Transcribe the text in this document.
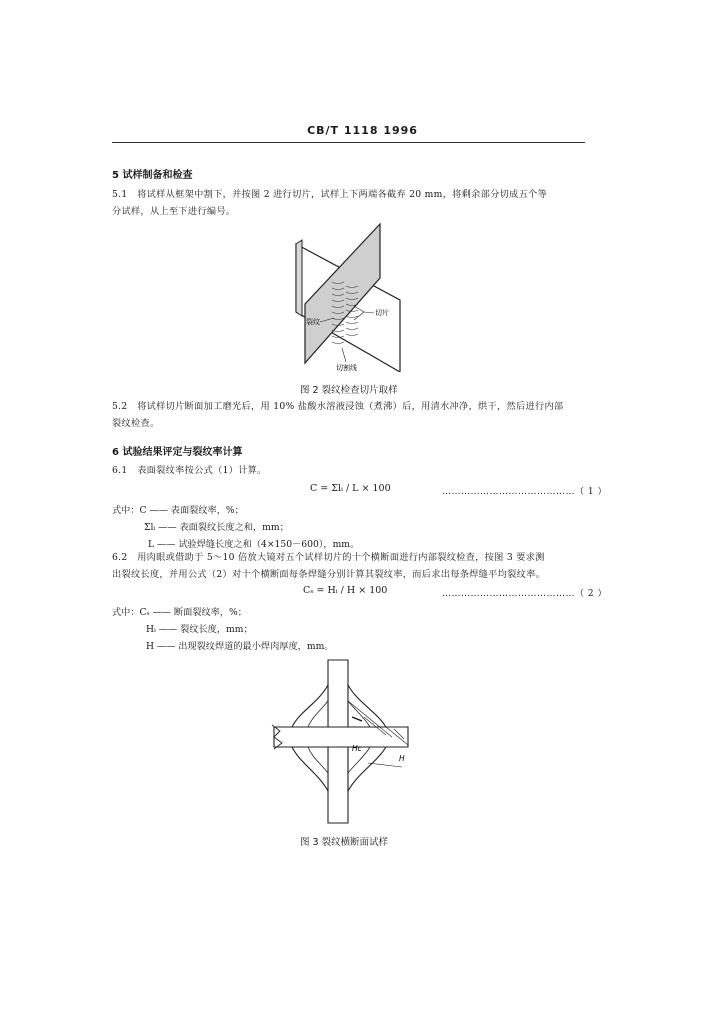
CB/T 1118 1996
5 试样制备和检查
5.1 将试样从框架中割下，并按图 2 进行切片，试样上下两端各截弃 20 mm，将剩余部分切成五个等
分试样，从上至下进行编号。
裂纹
切片
切割线
图 2 裂纹检查切片取样
5.2 将试样切片断面加工磨光后，用 10% 盐酸水溶液浸蚀（煮沸）后，用清水冲净，烘干，然后进行内部
裂纹检查。
6 试验结果评定与裂纹率计算
6.1 表面裂纹率按公式（1）计算。
C = Σlᵢ / L × 100	……………………………………（ 1 ）
式中：C —— 表面裂纹率，%；
Σlᵢ —— 表面裂纹长度之和，mm；
L —— 试验焊缝长度之和（4×150－600），mm。
6.2 用肉眼或借助于 5～10 倍放大镜对五个试样切片的十个横断面进行内部裂纹检查，按图 3 要求测
出裂纹长度，并用公式（2）对十个横断面每条焊缝分别计算其裂纹率，而后求出每条焊缝平均裂纹率。
Cₛ = Hᵢ / H × 100	……………………………………（ 2 ）
式中：Cₛ —— 断面裂纹率，%；
Hᵢ —— 裂纹长度，mm；
H —— 出现裂纹焊道的最小焊肉厚度，mm。
Hc
H
图 3 裂纹横断面试样
